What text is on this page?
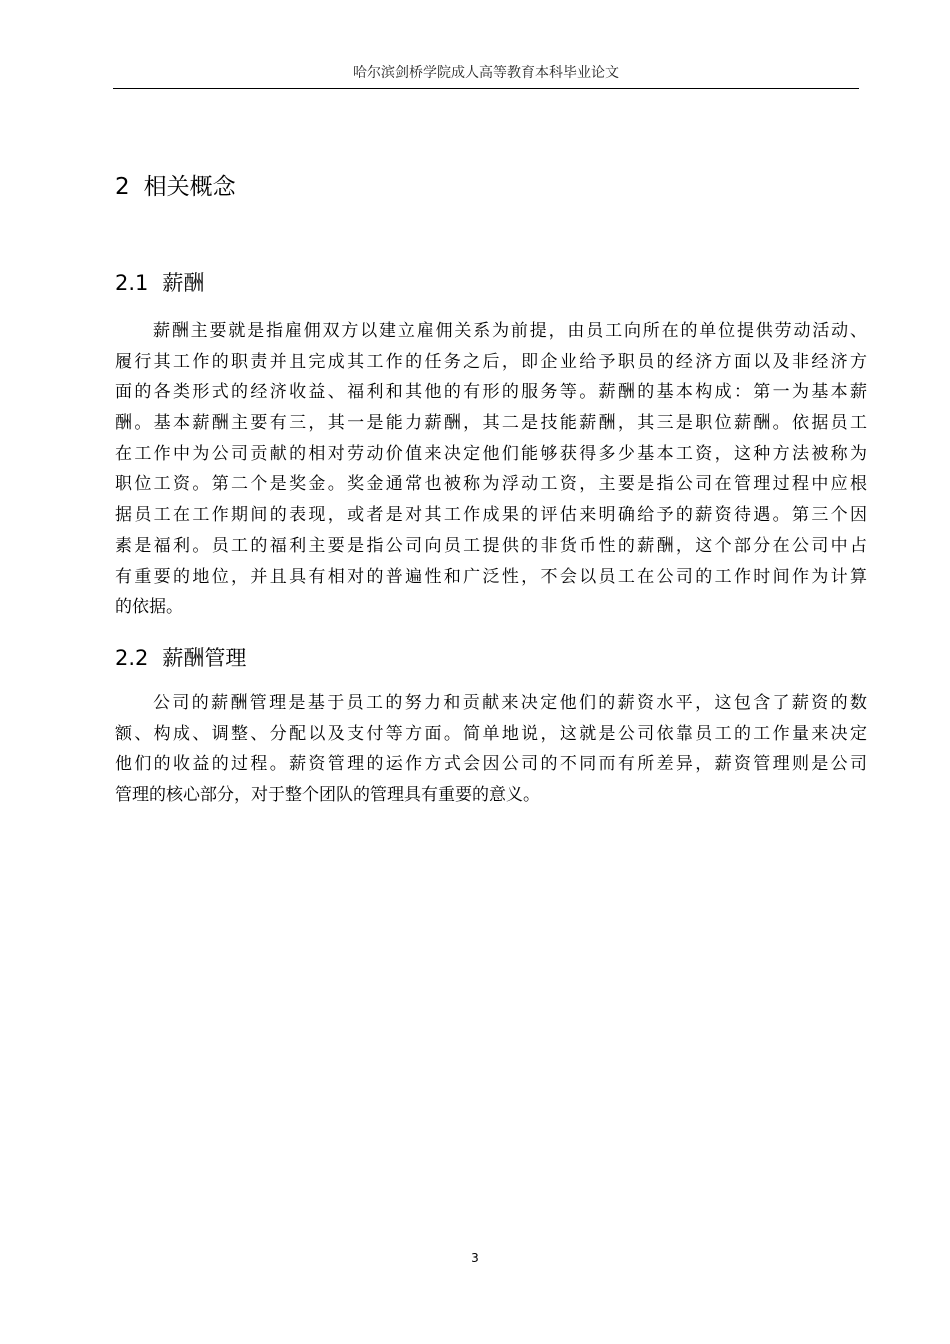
哈尔滨剑桥学院成人高等教育本科毕业论文
2 相关概念
2.1 薪酬
薪酬主要就是指雇佣双方以建立雇佣关系为前提，由员工向所在的单位提供劳动活动、
履行其工作的职责并且完成其工作的任务之后，即企业给予职员的经济方面以及非经济方
面的各类形式的经济收益、福利和其他的有形的服务等。薪酬的基本构成：第一为基本薪
酬。基本薪酬主要有三，其一是能力薪酬，其二是技能薪酬，其三是职位薪酬。依据员工
在工作中为公司贡献的相对劳动价值来决定他们能够获得多少基本工资，这种方法被称为
职位工资。第二个是奖金。奖金通常也被称为浮动工资，主要是指公司在管理过程中应根
据员工在工作期间的表现，或者是对其工作成果的评估来明确给予的薪资待遇。第三个因
素是福利。员工的福利主要是指公司向员工提供的非货币性的薪酬，这个部分在公司中占
有重要的地位，并且具有相对的普遍性和广泛性，不会以员工在公司的工作时间作为计算
的依据。
2.2 薪酬管理
公司的薪酬管理是基于员工的努力和贡献来决定他们的薪资水平，这包含了薪资的数
额、构成、调整、分配以及支付等方面。简单地说，这就是公司依靠员工的工作量来决定
他们的收益的过程。薪资管理的运作方式会因公司的不同而有所差异，薪资管理则是公司
管理的核心部分，对于整个团队的管理具有重要的意义。
3
